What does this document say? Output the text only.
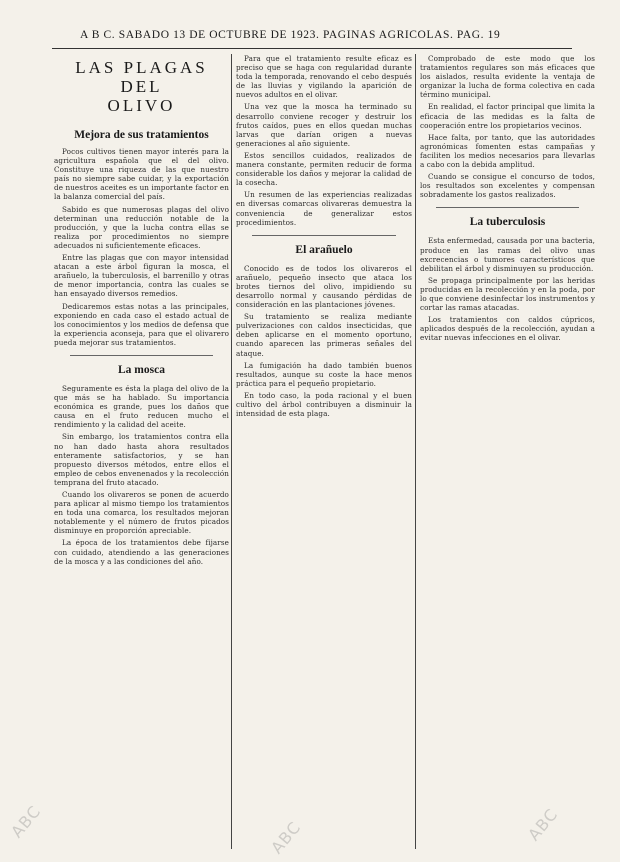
A B C. SABADO 13 DE OCTUBRE DE 1923. PAGINAS AGRICOLAS. PAG. 19
LAS PLAGAS DEL
OLIVO
Mejora de sus tratamientos

Pocos cultivos tienen mayor interés para la agricultura española que el del olivo. Constituye una riqueza de las que nuestro país no siempre sabe cuidar, y la exportación de nuestros aceites es un importante factor en la balanza comercial del país.

Sabido es que numerosas plagas del olivo determinan una reducción notable de la producción, y que la lucha contra ellas se realiza por procedimientos no siempre adecuados ni suficientemente eficaces.

Entre las plagas que con mayor intensidad atacan a este árbol figuran la mosca, el arañuelo, la tuberculosis, el barrenillo y otras de menor importancia, contra las cuales se han ensayado diversos remedios.

Dedicaremos estas notas a las principales, exponiendo en cada caso el estado actual de los conocimientos y los medios de defensa que la experiencia aconseja, para que el olivarero pueda mejorar sus tratamientos.

La mosca

Seguramente es ésta la plaga del olivo de la que más se ha hablado. Su importancia económica es grande, pues los daños que causa en el fruto reducen mucho el rendimiento y la calidad del aceite.

Sin embargo, los tratamientos contra ella no han dado hasta ahora resultados enteramente satisfactorios, y se han propuesto diversos métodos, entre ellos el empleo de cebos envenenados y la recolección temprana del fruto atacado.

Cuando los olivareros se ponen de acuerdo para aplicar al mismo tiempo los tratamientos en toda una comarca, los resultados mejoran notablemente y el número de frutos picados disminuye en proporción apreciable.

La época de los tratamientos debe fijarse con cuidado, atendiendo a las generaciones de la mosca y a las condiciones del año.

Para que el tratamiento resulte eficaz es preciso que se haga con regularidad durante toda la temporada, renovando el cebo después de las lluvias y vigilando la aparición de nuevos adultos en el olivar.

Una vez que la mosca ha terminado su desarrollo conviene recoger y destruir los frutos caídos, pues en ellos quedan muchas larvas que darían origen a nuevas generaciones al año siguiente.

Estos sencillos cuidados, realizados de manera constante, permiten reducir de forma considerable los daños y mejorar la calidad de la cosecha.

Un resumen de las experiencias realizadas en diversas comarcas olivareras demuestra la conveniencia de generalizar estos procedimientos.

El arañuelo

Conocido es de todos los olivareros el arañuelo, pequeño insecto que ataca los brotes tiernos del olivo, impidiendo su desarrollo normal y causando pérdidas de consideración en las plantaciones jóvenes.

Su tratamiento se realiza mediante pulverizaciones con caldos insecticidas, que deben aplicarse en el momento oportuno, cuando aparecen las primeras señales del ataque.

La fumigación ha dado también buenos resultados, aunque su coste la hace menos práctica para el pequeño propietario.

En todo caso, la poda racional y el buen cultivo del árbol contribuyen a disminuir la intensidad de esta plaga.

Comprobado de este modo que los tratamientos regulares son más eficaces que los aislados, resulta evidente la ventaja de organizar la lucha de forma colectiva en cada término municipal.

En realidad, el factor principal que limita la eficacia de las medidas es la falta de cooperación entre los propietarios vecinos.

Hace falta, por tanto, que las autoridades agronómicas fomenten estas campañas y faciliten los medios necesarios para llevarlas a cabo con la debida amplitud.

Cuando se consigue el concurso de todos, los resultados son excelentes y compensan sobradamente los gastos realizados.

La tuberculosis

Esta enfermedad, causada por una bacteria, produce en las ramas del olivo unas excrecencias o tumores característicos que debilitan el árbol y disminuyen su producción.

Se propaga principalmente por las heridas producidas en la recolección y en la poda, por lo que conviene desinfectar los instrumentos y cortar las ramas atacadas.

Los tratamientos con caldos cúpricos, aplicados después de la recolección, ayudan a evitar nuevas infecciones en el olivar.

ABC	ABC	ABC
